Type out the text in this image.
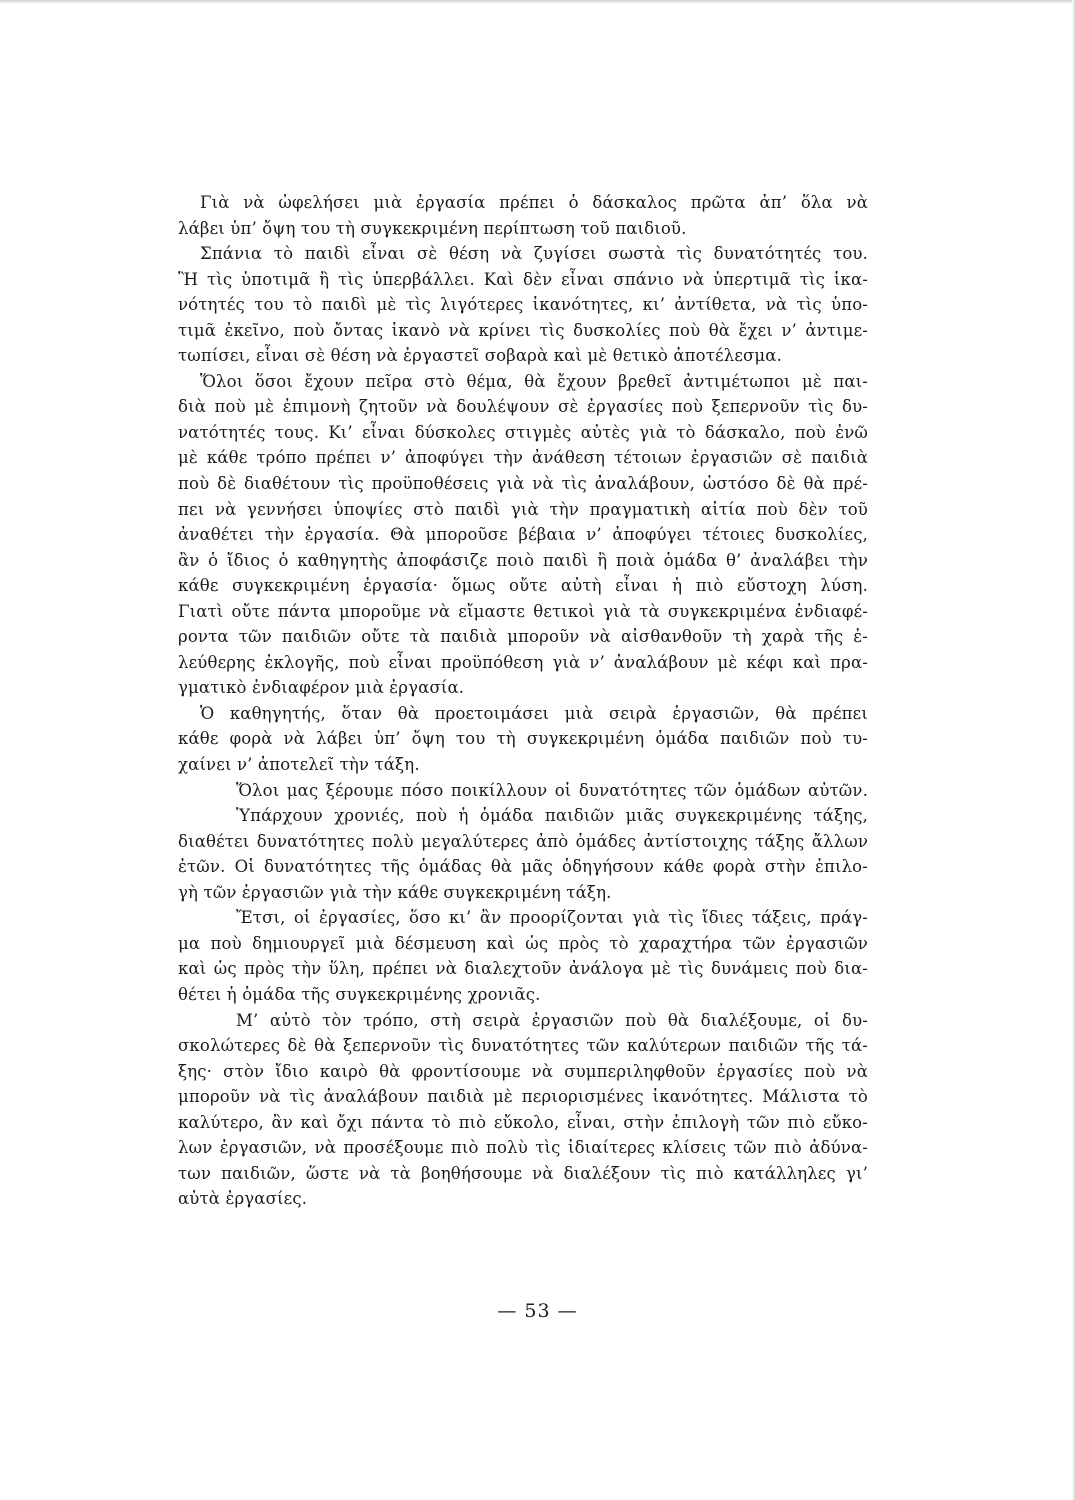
Γιὰ νὰ ὠφελήσει μιὰ ἐργασία πρέπει ὁ δάσκαλος πρῶτα ἀπ’ ὅλα νὰ
λάβει ὑπ’ ὄψη του τὴ συγκεκριμένη περίπτωση τοῦ παιδιοῦ.
Σπάνια τὸ παιδὶ εἶναι σὲ θέση νὰ ζυγίσει σωστὰ τὶς δυνατότητές του.
Ἢ τὶς ὑποτιμᾶ ἢ τὶς ὑπερβάλλει. Καὶ δὲν εἶναι σπάνιο νὰ ὑπερτιμᾶ τὶς ἱκα-
νότητές του τὸ παιδὶ μὲ τὶς λιγότερες ἱκανότητες, κι’ ἀντίθετα, νὰ τὶς ὑπο-
τιμᾶ ἐκεῖνο, ποὺ ὄντας ἱκανὸ νὰ κρίνει τὶς δυσκολίες ποὺ θὰ ἔχει ν’ ἀντιμε-
τωπίσει, εἶναι σὲ θέση νὰ ἐργαστεῖ σοβαρὰ καὶ μὲ θετικὸ ἀποτέλεσμα.
Ὅλοι ὅσοι ἔχουν πεῖρα στὸ θέμα, θὰ ἔχουν βρεθεῖ ἀντιμέτωποι μὲ παι-
διὰ ποὺ μὲ ἐπιμονὴ ζητοῦν νὰ δουλέψουν σὲ ἐργασίες ποὺ ξεπερνοῦν τὶς δυ-
νατότητές τους. Κι’ εἶναι δύσκολες στιγμὲς αὐτὲς γιὰ τὸ δάσκαλο, ποὺ ἐνῶ
μὲ κάθε τρόπο πρέπει ν’ ἀποφύγει τὴν ἀνάθεση τέτοιων ἐργασιῶν σὲ παιδιὰ
ποὺ δὲ διαθέτουν τὶς προϋποθέσεις γιὰ νὰ τὶς ἀναλάβουν, ὡστόσο δὲ θὰ πρέ-
πει νὰ γεννήσει ὑποψίες στὸ παιδὶ γιὰ τὴν πραγματικὴ αἰτία ποὺ δὲν τοῦ
ἀναθέτει τὴν ἐργασία. Θὰ μποροῦσε βέβαια ν’ ἀποφύγει τέτοιες δυσκολίες,
ἂν ὁ ἴδιος ὁ καθηγητὴς ἀποφάσιζε ποιὸ παιδὶ ἢ ποιὰ ὁμάδα θ’ ἀναλάβει τὴν
κάθε συγκεκριμένη ἐργασία· ὅμως οὔτε αὐτὴ εἶναι ἡ πιὸ εὔστοχη λύση.
Γιατὶ οὔτε πάντα μποροῦμε νὰ εἴμαστε θετικοὶ γιὰ τὰ συγκεκριμένα ἐνδιαφέ-
ροντα τῶν παιδιῶν οὔτε τὰ παιδιὰ μποροῦν νὰ αἰσθανθοῦν τὴ χαρὰ τῆς ἐ-
λεύθερης ἐκλογῆς, ποὺ εἶναι προϋπόθεση γιὰ ν’ ἀναλάβουν μὲ κέφι καὶ πρα-
γματικὸ ἐνδιαφέρον μιὰ ἐργασία.
Ὁ καθηγητής, ὅταν θὰ προετοιμάσει μιὰ σειρὰ ἐργασιῶν, θὰ πρέπει
κάθε φορὰ νὰ λάβει ὑπ’ ὄψη του τὴ συγκεκριμένη ὁμάδα παιδιῶν ποὺ τυ-
χαίνει ν’ ἀποτελεῖ τὴν τάξη.
Ὅλοι μας ξέρουμε πόσο ποικίλλουν οἱ δυνατότητες τῶν ὁμάδων αὐτῶν.
Ὑπάρχουν χρονιές, ποὺ ἡ ὁμάδα παιδιῶν μιᾶς συγκεκριμένης τάξης,
διαθέτει δυνατότητες πολὺ μεγαλύτερες ἀπὸ ὁμάδες ἀντίστοιχης τάξης ἄλλων
ἐτῶν. Οἱ δυνατότητες τῆς ὁμάδας θὰ μᾶς ὁδηγήσουν κάθε φορὰ στὴν ἐπιλο-
γὴ τῶν ἐργασιῶν γιὰ τὴν κάθε συγκεκριμένη τάξη.
Ἔτσι, οἱ ἐργασίες, ὅσο κι’ ἂν προορίζονται γιὰ τὶς ἴδιες τάξεις, πράγ-
μα ποὺ δημιουργεῖ μιὰ δέσμευση καὶ ὡς πρὸς τὸ χαραχτήρα τῶν ἐργασιῶν
καὶ ὡς πρὸς τὴν ὕλη, πρέπει νὰ διαλεχτοῦν ἀνάλογα μὲ τὶς δυνάμεις ποὺ δια-
θέτει ἡ ὁμάδα τῆς συγκεκριμένης χρονιᾶς.
Μ’ αὐτὸ τὸν τρόπο, στὴ σειρὰ ἐργασιῶν ποὺ θὰ διαλέξουμε, οἱ δυ-
σκολώτερες δὲ θὰ ξεπερνοῦν τὶς δυνατότητες τῶν καλύτερων παιδιῶν τῆς τά-
ξης· στὸν ἴδιο καιρὸ θὰ φροντίσουμε νὰ συμπεριληφθοῦν ἐργασίες ποὺ νὰ
μποροῦν νὰ τὶς ἀναλάβουν παιδιὰ μὲ περιορισμένες ἱκανότητες. Μάλιστα τὸ
καλύτερο, ἂν καὶ ὄχι πάντα τὸ πιὸ εὔκολο, εἶναι, στὴν ἐπιλογὴ τῶν πιὸ εὔκο-
λων ἐργασιῶν, νὰ προσέξουμε πιὸ πολὺ τὶς ἰδιαίτερες κλίσεις τῶν πιὸ ἀδύνα-
των παιδιῶν, ὥστε νὰ τὰ βοηθήσουμε νὰ διαλέξουν τὶς πιὸ κατάλληλες γι’
αὐτὰ ἐργασίες.
— 53 —
